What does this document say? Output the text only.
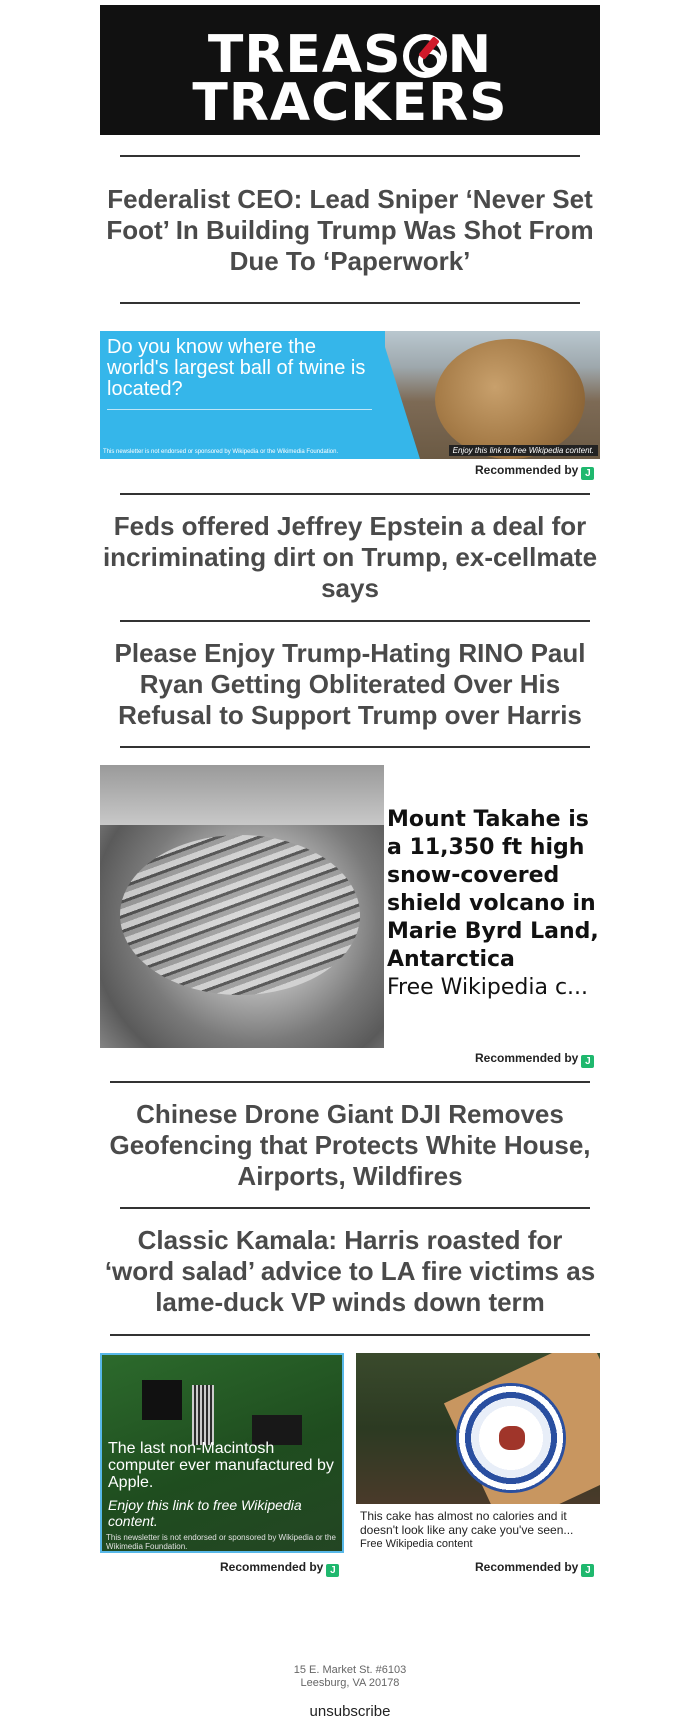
TREAS N
TRACKERS
Federalist CEO: Lead Sniper ‘Never Set Foot’ In Building Trump Was Shot From Due To ‘Paperwork’
Do you know where the world's largest ball of twine is located?
This newsletter is not endorsed or sponsored by Wikipedia or the Wikimedia Foundation.	Enjoy this link to free Wikipedia content.
Recommended by J
Feds offered Jeffrey Epstein a deal for incriminating dirt on Trump, ex-cellmate says
Please Enjoy Trump-Hating RINO Paul Ryan Getting Obliterated Over His Refusal to Support Trump over Harris
Mount Takahe is a 11,350 ft high snow-covered shield volcano in Marie Byrd Land, Antarctica
Free Wikipedia c...
Recommended by J
Chinese Drone Giant DJI Removes Geofencing that Protects White House, Airports, Wildfires
Classic Kamala: Harris roasted for ‘word salad’ advice to LA fire victims as lame-duck VP winds down term
The last non-Macintosh computer ever manufactured by Apple.
Enjoy this link to free Wikipedia content.
This newsletter is not endorsed or sponsored by Wikipedia or the Wikimedia Foundation.
Recommended by J
This cake has almost no calories and it doesn't look like any cake you've seen...
Free Wikipedia content
Recommended by J
15 E. Market St. #6103
Leesburg, VA 20178
unsubscribe
